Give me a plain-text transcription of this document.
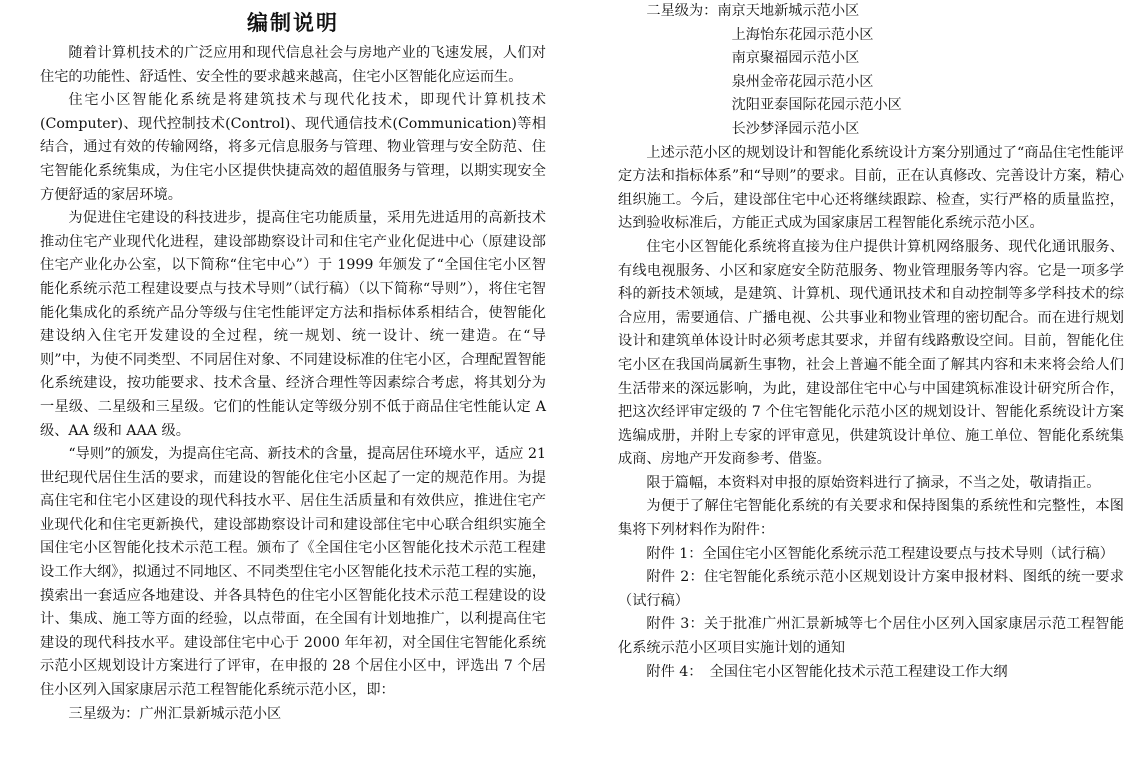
编制说明

随着计算机技术的广泛应用和现代信息社会与房地产业的飞速发展，人们对住宅的功能性、舒适性、安全性的要求越来越高，住宅小区智能化应运而生。

住宅小区智能化系统是将建筑技术与现代化技术，即现代计算机技术(Computer)、现代控制技术(Control)、现代通信技术(Communication)等相结合，通过有效的传输网络，将多元信息服务与管理、物业管理与安全防范、住宅智能化系统集成，为住宅小区提供快捷高效的超值服务与管理，以期实现安全方便舒适的家居环境。

为促进住宅建设的科技进步，提高住宅功能质量，采用先进适用的高新技术推动住宅产业现代化进程，建设部勘察设计司和住宅产业化促进中心（原建设部住宅产业化办公室，以下简称“住宅中心”）于 1999 年颁发了“全国住宅小区智能化系统示范工程建设要点与技术导则”（试行稿）（以下简称“导则”），将住宅智能化集成化的系统产品分等级与住宅性能评定方法和指标体系相结合，使智能化建设纳入住宅开发建设的全过程，统一规划、统一设计、统一建造。在“导则”中，为使不同类型、不同居住对象、不同建设标准的住宅小区，合理配置智能化系统建设，按功能要求、技术含量、经济合理性等因素综合考虑，将其划分为一星级、二星级和三星级。它们的性能认定等级分别不低于商品住宅性能认定 A 级、AA 级和 AAA 级。

“导则”的颁发，为提高住宅高、新技术的含量，提高居住环境水平，适应 21 世纪现代居住生活的要求，而建设的智能化住宅小区起了一定的规范作用。为提高住宅和住宅小区建设的现代科技水平、居住生活质量和有效供应，推进住宅产业现代化和住宅更新换代，建设部勘察设计司和建设部住宅中心联合组织实施全国住宅小区智能化技术示范工程。颁布了《全国住宅小区智能化技术示范工程建设工作大纲》，拟通过不同地区、不同类型住宅小区智能化技术示范工程的实施，摸索出一套适应各地建设、并各具特色的住宅小区智能化技术示范工程建设的设计、集成、施工等方面的经验，以点带面，在全国有计划地推广，以利提高住宅建设的现代科技水平。建设部住宅中心于 2000 年年初，对全国住宅智能化系统示范小区规划设计方案进行了评审，在申报的 28 个居住小区中，评选出 7 个居住小区列入国家康居示范工程智能化系统示范小区，即：

三星级为：广州汇景新城示范小区
二星级为：南京天地新城示范小区
上海怡东花园示范小区
南京聚福园示范小区
泉州金帝花园示范小区
沈阳亚泰国际花园示范小区
长沙梦泽园示范小区

上述示范小区的规划设计和智能化系统设计方案分别通过了“商品住宅性能评定方法和指标体系”和“导则”的要求。目前，正在认真修改、完善设计方案，精心组织施工。今后，建设部住宅中心还将继续跟踪、检查，实行严格的质量监控，达到验收标准后，方能正式成为国家康居工程智能化系统示范小区。

住宅小区智能化系统将直接为住户提供计算机网络服务、现代化通讯服务、有线电视服务、小区和家庭安全防范服务、物业管理服务等内容。它是一项多学科的新技术领域，是建筑、计算机、现代通讯技术和自动控制等多学科技术的综合应用，需要通信、广播电视、公共事业和物业管理的密切配合。而在进行规划设计和建筑单体设计时必须考虑其要求，并留有线路敷设空间。目前，智能化住宅小区在我国尚属新生事物，社会上普遍不能全面了解其内容和未来将会给人们生活带来的深远影响，为此，建设部住宅中心与中国建筑标准设计研究所合作，把这次经评审定级的 7 个住宅智能化示范小区的规划设计、智能化系统设计方案选编成册，并附上专家的评审意见，供建筑设计单位、施工单位、智能化系统集成商、房地产开发商参考、借鉴。

限于篇幅，本资料对申报的原始资料进行了摘录，不当之处，敬请指正。

为便于了解住宅智能化系统的有关要求和保持图集的系统性和完整性，本图集将下列材料作为附件：

附件 1：全国住宅小区智能化系统示范工程建设要点与技术导则（试行稿）

附件 2：住宅智能化系统示范小区规划设计方案申报材料、图纸的统一要求（试行稿）

附件 3：关于批准广州汇景新城等七个居住小区列入国家康居示范工程智能化系统示范小区项目实施计划的通知

附件 4：　全国住宅小区智能化技术示范工程建设工作大纲
